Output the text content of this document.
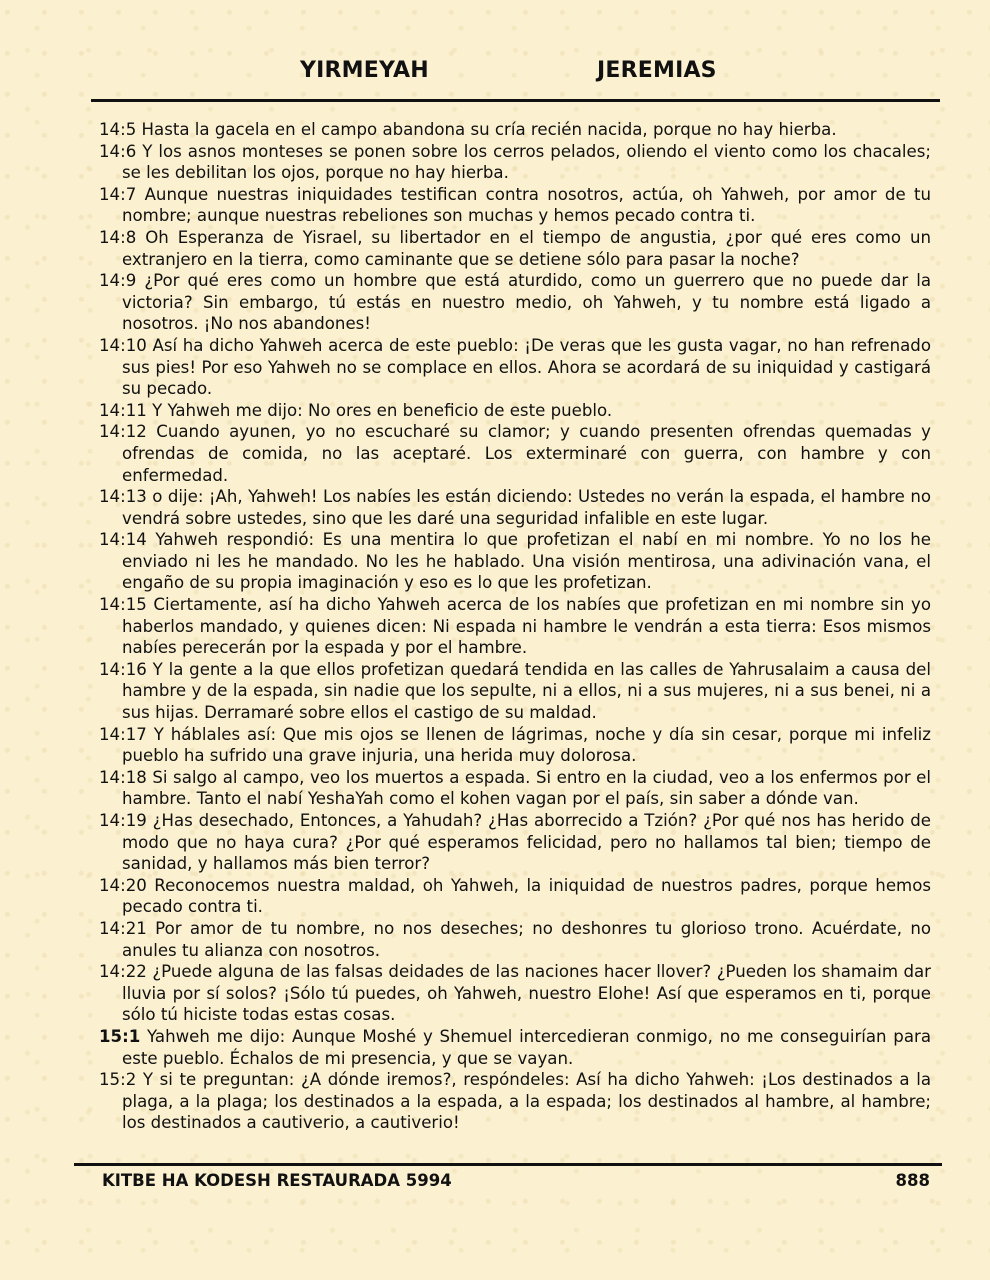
YIRMEYAH	JEREMIAS

14:5 Hasta la gacela en el campo abandona su cría recién nacida, porque no hay hierba.

14:6 Y los asnos monteses se ponen sobre los cerros pelados, oliendo el viento como los chacales; se les debilitan los ojos, porque no hay hierba.

14:7 Aunque nuestras iniquidades testifican contra nosotros, actúa, oh Yahweh, por amor de tu nombre; aunque nuestras rebeliones son muchas y hemos pecado contra ti.

14:8 Oh Esperanza de Yisrael, su libertador en el tiempo de angustia, ¿por qué eres como un extranjero en la tierra, como caminante que se detiene sólo para pasar la noche?

14:9 ¿Por qué eres como un hombre que está aturdido, como un guerrero que no puede dar la victoria? Sin embargo, tú estás en nuestro medio, oh Yahweh, y tu nombre está ligado a nosotros. ¡No nos abandones!

14:10 Así ha dicho Yahweh acerca de este pueblo: ¡De veras que les gusta vagar, no han refrenado sus pies! Por eso Yahweh no se complace en ellos. Ahora se acordará de su iniquidad y castigará su pecado.

14:11 Y Yahweh me dijo: No ores en beneficio de este pueblo.

14:12 Cuando ayunen, yo no escucharé su clamor; y cuando presenten ofrendas quemadas y ofrendas de comida, no las aceptaré. Los exterminaré con guerra, con hambre y con enfermedad.

14:13 o dije: ¡Ah, Yahweh! Los nabíes les están diciendo: Ustedes no verán la espada, el hambre no vendrá sobre ustedes, sino que les daré una seguridad infalible en este lugar.

14:14 Yahweh respondió: Es una mentira lo que profetizan el nabí en mi nombre. Yo no los he enviado ni les he mandado. No les he hablado. Una visión mentirosa, una adivinación vana, el engaño de su propia imaginación y eso es lo que les profetizan.

14:15 Ciertamente, así ha dicho Yahweh acerca de los nabíes que profetizan en mi nombre sin yo haberlos mandado, y quienes dicen: Ni espada ni hambre le vendrán a esta tierra: Esos mismos nabíes perecerán por la espada y por el hambre.

14:16 Y la gente a la que ellos profetizan quedará tendida en las calles de Yahrusalaim a causa del hambre y de la espada, sin nadie que los sepulte, ni a ellos, ni a sus mujeres, ni a sus benei, ni a sus hijas. Derramaré sobre ellos el castigo de su maldad.

14:17 Y háblales así: Que mis ojos se llenen de lágrimas, noche y día sin cesar, porque mi infeliz pueblo ha sufrido una grave injuria, una herida muy dolorosa.

14:18 Si salgo al campo, veo los muertos a espada. Si entro en la ciudad, veo a los enfermos por el hambre. Tanto el nabí YeshaYah como el kohen vagan por el país, sin saber a dónde van.

14:19 ¿Has desechado, Entonces, a Yahudah? ¿Has aborrecido a Tzión? ¿Por qué nos has herido de modo que no haya cura? ¿Por qué esperamos felicidad, pero no hallamos tal bien; tiempo de sanidad, y hallamos más bien terror?

14:20 Reconocemos nuestra maldad, oh Yahweh, la iniquidad de nuestros padres, porque hemos pecado contra ti.

14:21 Por amor de tu nombre, no nos deseches; no deshonres tu glorioso trono. Acuérdate, no anules tu alianza con nosotros.

14:22 ¿Puede alguna de las falsas deidades de las naciones hacer llover? ¿Pueden los shamaim dar lluvia por sí solos? ¡Sólo tú puedes, oh Yahweh, nuestro Elohe! Así que esperamos en ti, porque sólo tú hiciste todas estas cosas.

15:1 Yahweh me dijo: Aunque Moshé y Shemuel intercedieran conmigo, no me conseguirían para este pueblo. Échalos de mi presencia, y que se vayan.

15:2 Y si te preguntan: ¿A dónde iremos?, respóndeles: Así ha dicho Yahweh: ¡Los destinados a la plaga, a la plaga; los destinados a la espada, a la espada; los destinados al hambre, al hambre; los destinados a cautiverio, a cautiverio!

KITBE HA KODESH RESTAURADA 5994	888
